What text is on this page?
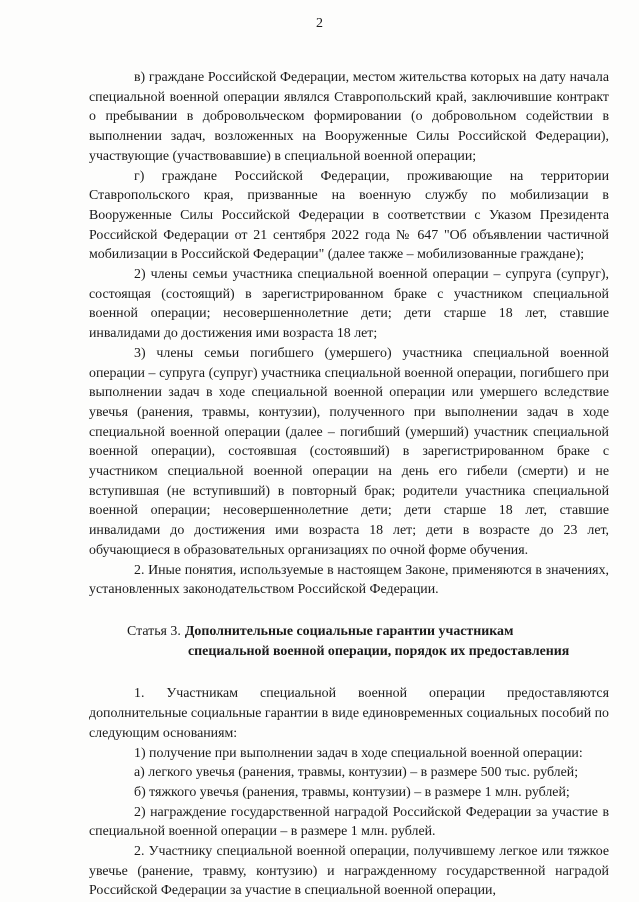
2

в) граждане Российской Федерации, местом жительства которых на дату начала специальной военной операции являлся Ставропольский край, заключившие контракт о пребывании в добровольческом формировании (о добровольном содействии в выполнении задач, возложенных на Вооруженные Силы Российской Федерации), участвующие (участвовавшие) в специальной военной операции;

г) граждане Российской Федерации, проживающие на территории Ставропольского края, призванные на военную службу по мобилизации в Вооруженные Силы Российской Федерации в соответствии с Указом Президента Российской Федерации от 21 сентября 2022 года № 647 "Об объявлении частичной мобилизации в Российской Федерации" (далее также – мобилизованные граждане);

2) члены семьи участника специальной военной операции – супруга (супруг), состоящая (состоящий) в зарегистрированном браке с участником специальной военной операции; несовершеннолетние дети; дети старше 18 лет, ставшие инвалидами до достижения ими возраста 18 лет;

3) члены семьи погибшего (умершего) участника специальной военной операции – супруга (супруг) участника специальной военной операции, погибшего при выполнении задач в ходе специальной военной операции или умершего вследствие увечья (ранения, травмы, контузии), полученного при выполнении задач в ходе специальной военной операции (далее – погибший (умерший) участник специальной военной операции), состоявшая (состоявший) в зарегистрированном браке с участником специальной военной операции на день его гибели (смерти) и не вступившая (не вступивший) в повторный брак; родители участника специальной военной операции; несовершеннолетние дети; дети старше 18 лет, ставшие инвалидами до достижения ими возраста 18 лет; дети в возрасте до 23 лет, обучающиеся в образовательных организациях по очной форме обучения.

2. Иные понятия, используемые в настоящем Законе, применяются в значениях, установленных законодательством Российской Федерации.

Статья 3. Дополнительные социальные гарантии участникам
специальной военной операции, порядок их предоставления

1. Участникам специальной военной операции предоставляются дополнительные социальные гарантии в виде единовременных социальных пособий по следующим основаниям:

1) получение при выполнении задач в ходе специальной военной операции:

а) легкого увечья (ранения, травмы, контузии) – в размере 500 тыс. рублей;

б) тяжкого увечья (ранения, травмы, контузии) – в размере 1 млн. рублей;

2) награждение государственной наградой Российской Федерации за участие в специальной военной операции – в размере 1 млн. рублей.

2. Участнику специальной военной операции, получившему легкое или тяжкое увечье (ранение, травму, контузию) и награжденному государственной наградой Российской Федерации за участие в специальной военной операции,
